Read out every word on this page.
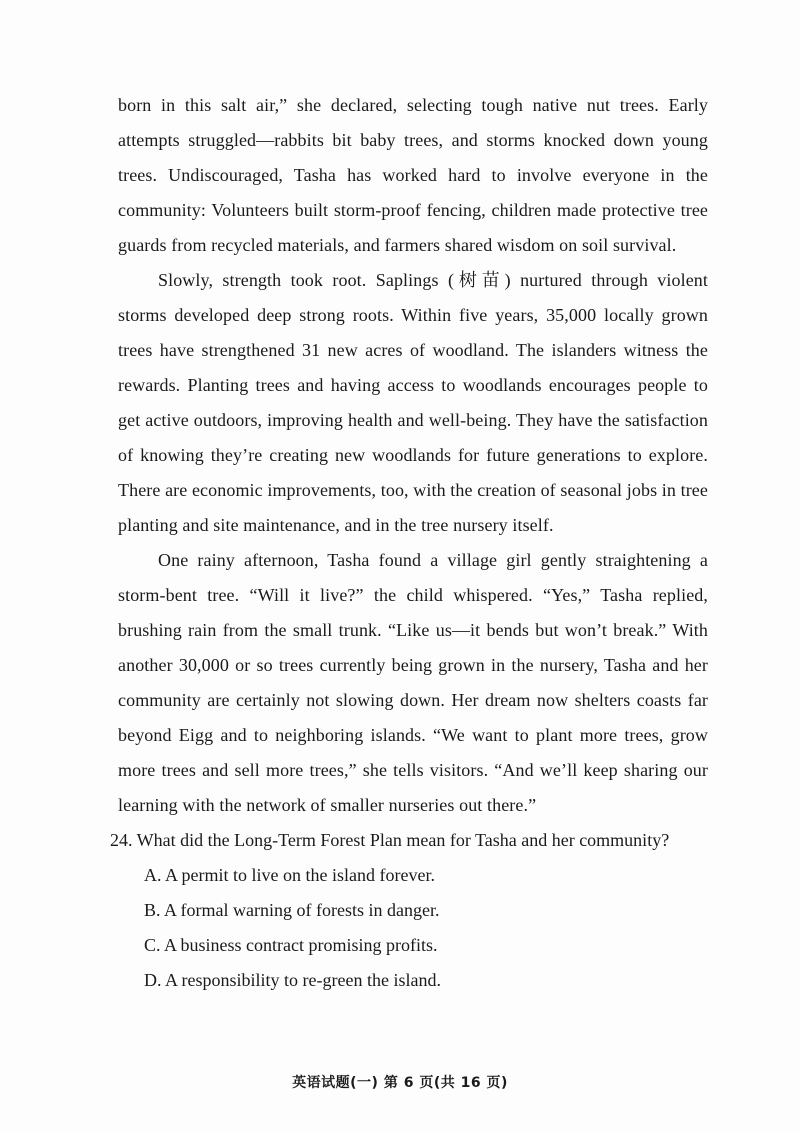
born in this salt air,” she declared, selecting tough native nut trees. Early attempts struggled—rabbits bit baby trees, and storms knocked down young trees. Undiscouraged, Tasha has worked hard to involve everyone in the community: Volunteers built storm-proof fencing, children made protective tree guards from recycled materials, and farmers shared wisdom on soil survival.

Slowly, strength took root. Saplings (树苗) nurtured through violent storms developed deep strong roots. Within five years, 35,000 locally grown trees have strengthened 31 new acres of woodland. The islanders witness the rewards. Planting trees and having access to woodlands encourages people to get active outdoors, improving health and well-being. They have the satisfaction of knowing they’re creating new woodlands for future generations to explore. There are economic improvements, too, with the creation of seasonal jobs in tree planting and site maintenance, and in the tree nursery itself.

One rainy afternoon, Tasha found a village girl gently straightening a storm-bent tree. “Will it live?” the child whispered. “Yes,” Tasha replied, brushing rain from the small trunk. “Like us—it bends but won’t break.” With another 30,000 or so trees currently being grown in the nursery, Tasha and her community are certainly not slowing down. Her dream now shelters coasts far beyond Eigg and to neighboring islands. “We want to plant more trees, grow more trees and sell more trees,” she tells visitors. “And we’ll keep sharing our learning with the network of smaller nurseries out there.”

24. What did the Long-Term Forest Plan mean for Tasha and her community?

A. A permit to live on the island forever.
B. A formal warning of forests in danger.
C. A business contract promising profits.
D. A responsibility to re-green the island.
英语试题(一) 第 6 页(共 16 页)
